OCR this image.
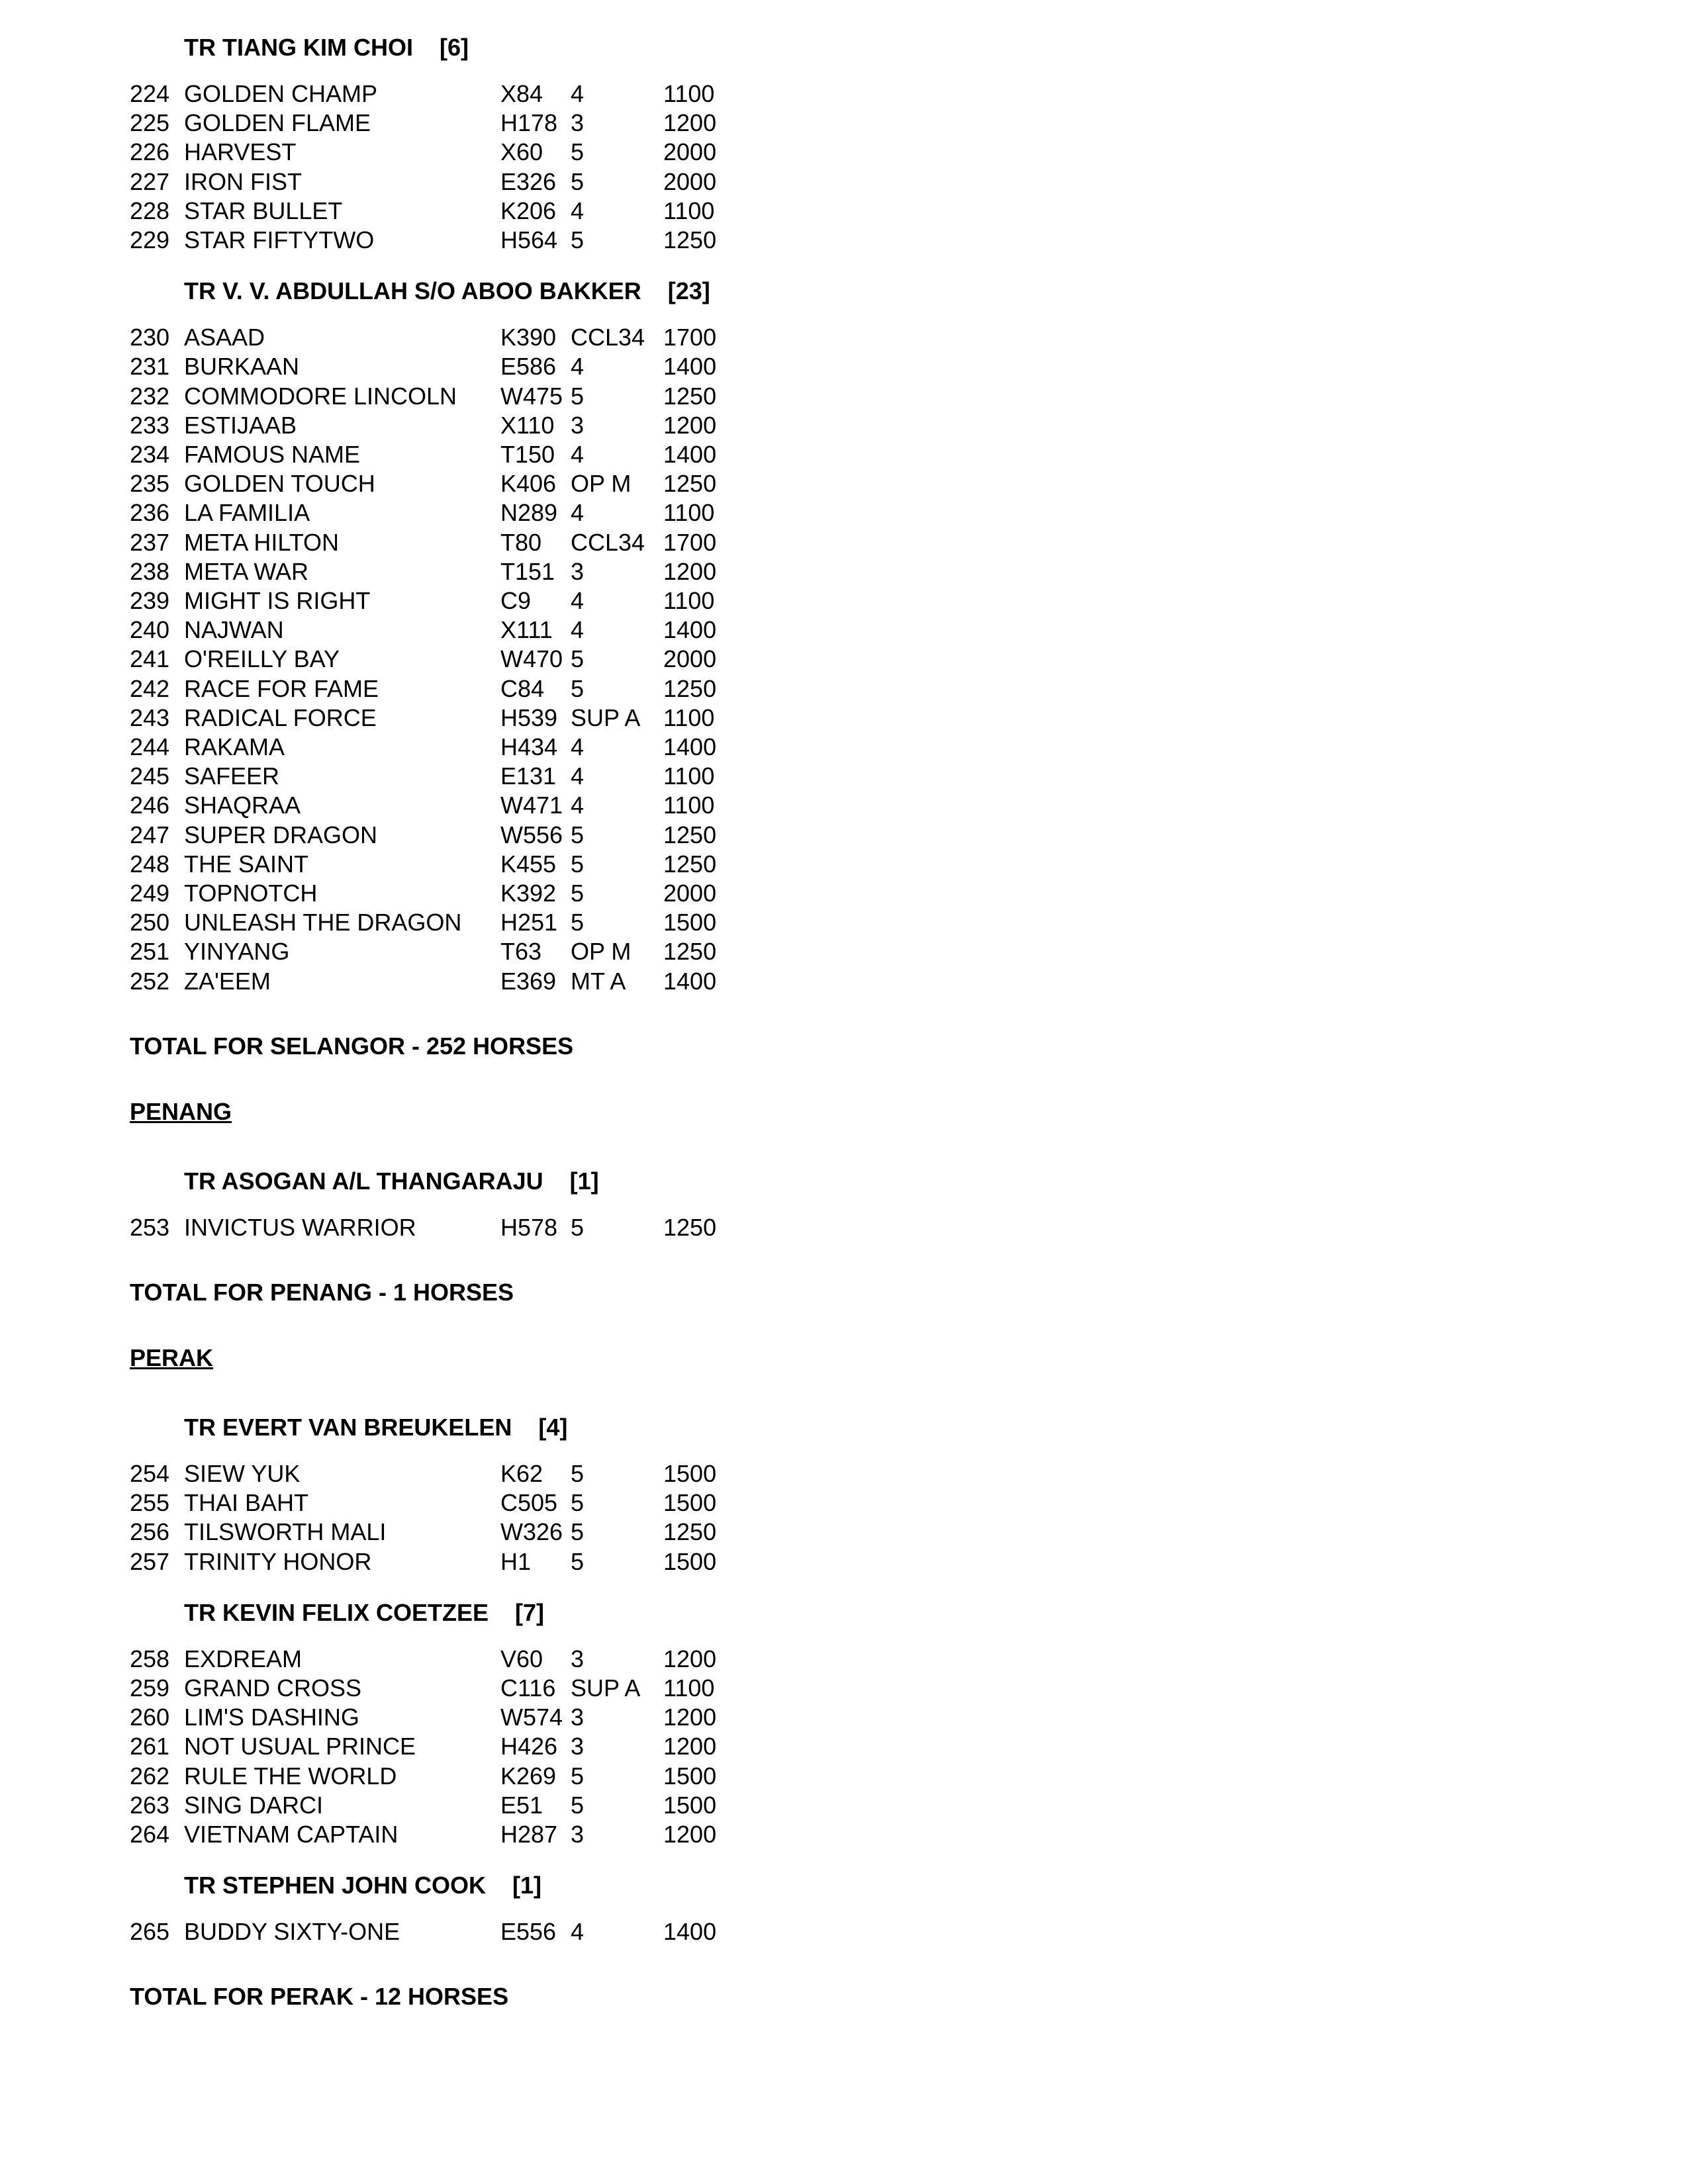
TR TIANG KIM CHOI [6]
224 GOLDEN CHAMP	X84 4	1100
225 GOLDEN FLAME	H178 3	1200
226 HARVEST	X60 5	2000
227 IRON FIST	E326 5	2000
228 STAR BULLET	K206 4	1100
229 STAR FIFTYTWO	H564 5	1250
TR V. V. ABDULLAH S/O ABOO BAKKER [23]
230 ASAAD	K390 CCL34 1700
231 BURKAAN	E586 4	1400
232 COMMODORE LINCOLN W475 5	1250
233 ESTIJAAB	X110 3	1200
234 FAMOUS NAME	T150 4	1400
235 GOLDEN TOUCH	K406 OP M 1250
236 LA FAMILIA	N289 4	1100
237 META HILTON	T80 CCL34 1700
238 META WAR	T151 3	1200
239 MIGHT IS RIGHT	C9 4	1100
240 NAJWAN	X111 4	1400
241 O'REILLY BAY	W470 5	2000
242 RACE FOR FAME	C84 5	1250
243 RADICAL FORCE	H539 SUP A 1100
244 RAKAMA	H434 4	1400
245 SAFEER	E131 4	1100
246 SHAQRAA	W471 4	1100
247 SUPER DRAGON	W556 5	1250
248 THE SAINT	K455 5	1250
249 TOPNOTCH	K392 5	2000
250 UNLEASH THE DRAGON H251 5	1500
251 YINYANG	T63 OP M 1250
252 ZA'EEM	E369 MT A 1400
TOTAL FOR SELANGOR - 252 HORSES
PENANG
TR ASOGAN A/L THANGARAJU [1]
253 INVICTUS WARRIOR	H578 5	1250
TOTAL FOR PENANG - 1 HORSES
PERAK
TR EVERT VAN BREUKELEN [4]
254 SIEW YUK	K62 5	1500
255 THAI BAHT	C505 5	1500
256 TILSWORTH MALI	W326 5	1250
257 TRINITY HONOR	H1 5	1500
TR KEVIN FELIX COETZEE [7]
258 EXDREAM	V60 3	1200
259 GRAND CROSS	C116 SUP A 1100
260 LIM'S DASHING	W574 3	1200
261 NOT USUAL PRINCE	H426 3	1200
262 RULE THE WORLD	K269 5	1500
263 SING DARCI	E51 5	1500
264 VIETNAM CAPTAIN	H287 3	1200
TR STEPHEN JOHN COOK [1]
265 BUDDY SIXTY-ONE	E556 4	1400
TOTAL FOR PERAK - 12 HORSES
